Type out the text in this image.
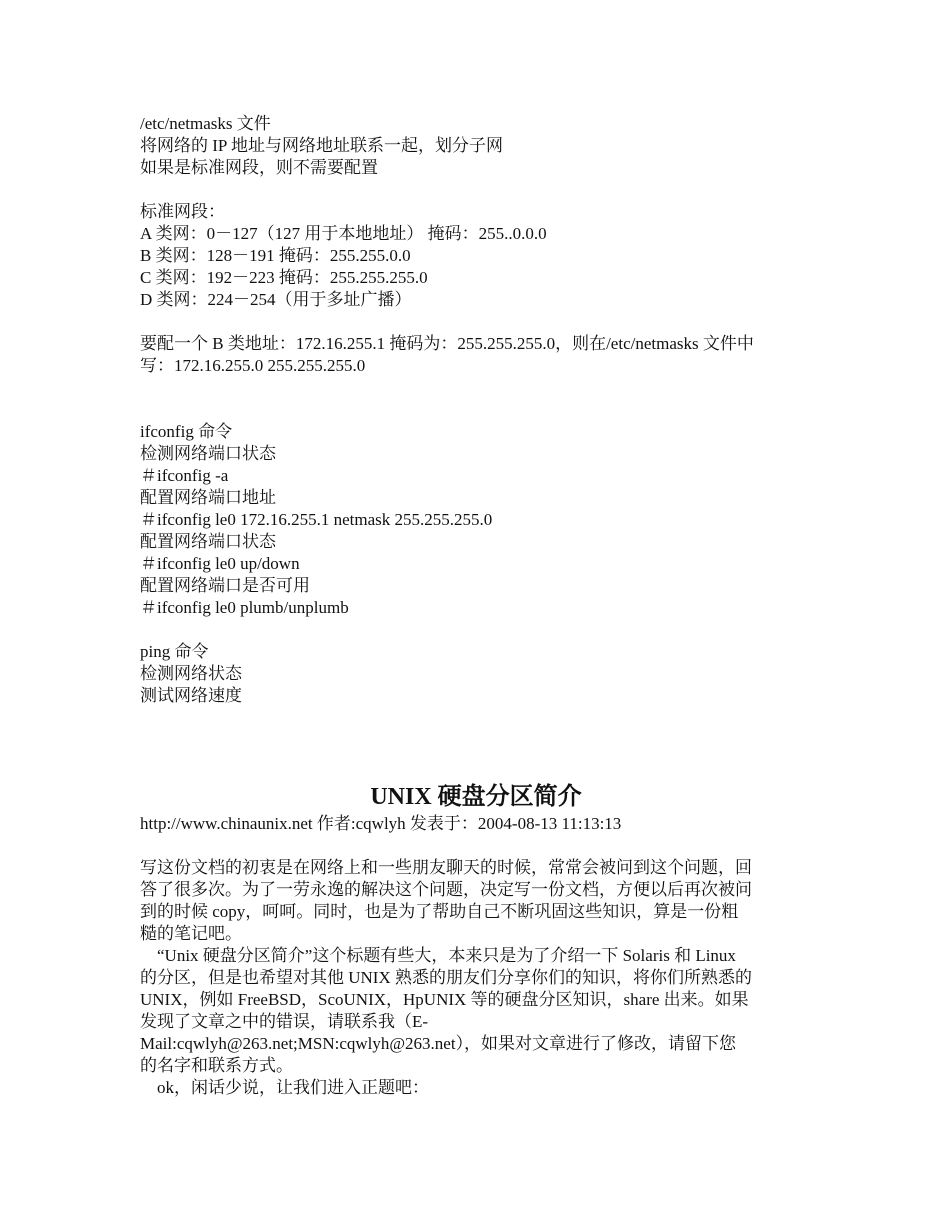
/etc/netmasks 文件
将网络的 IP 地址与网络地址联系一起，划分子网
如果是标准网段，则不需要配置
标准网段：
A 类网：0－127（127 用于本地地址） 掩码：255..0.0.0
B 类网：128－191 掩码：255.255.0.0
C 类网：192－223 掩码：255.255.255.0
D 类网：224－254（用于多址广播）
要配一个 B 类地址：172.16.255.1 掩码为：255.255.255.0，则在/etc/netmasks 文件中
写：172.16.255.0 255.255.255.0
ifconfig 命令
检测网络端口状态
＃ifconfig -a
配置网络端口地址
＃ifconfig le0 172.16.255.1 netmask 255.255.255.0
配置网络端口状态
＃ifconfig le0 up/down
配置网络端口是否可用
＃ifconfig le0 plumb/unplumb
ping 命令
检测网络状态
测试网络速度
UNIX 硬盘分区简介
http://www.chinaunix.net 作者:cqwlyh 发表于：2004-08-13 11:13:13
写这份文档的初衷是在网络上和一些朋友聊天的时候，常常会被问到这个问题，回
答了很多次。为了一劳永逸的解决这个问题，决定写一份文档，方便以后再次被问
到的时候 copy，呵呵。同时，也是为了帮助自己不断巩固这些知识，算是一份粗
糙的笔记吧。
“Unix 硬盘分区简介”这个标题有些大，本来只是为了介绍一下 Solaris 和 Linux
的分区，但是也希望对其他 UNIX 熟悉的朋友们分享你们的知识，将你们所熟悉的
UNIX，例如 FreeBSD，ScoUNIX，HpUNIX 等的硬盘分区知识，share 出来。如果
发现了文章之中的错误，请联系我（E-
Mail:cqwlyh@263.net;MSN:cqwlyh@263.net），如果对文章进行了修改，请留下您
的名字和联系方式。
ok，闲话少说，让我们进入正题吧：
